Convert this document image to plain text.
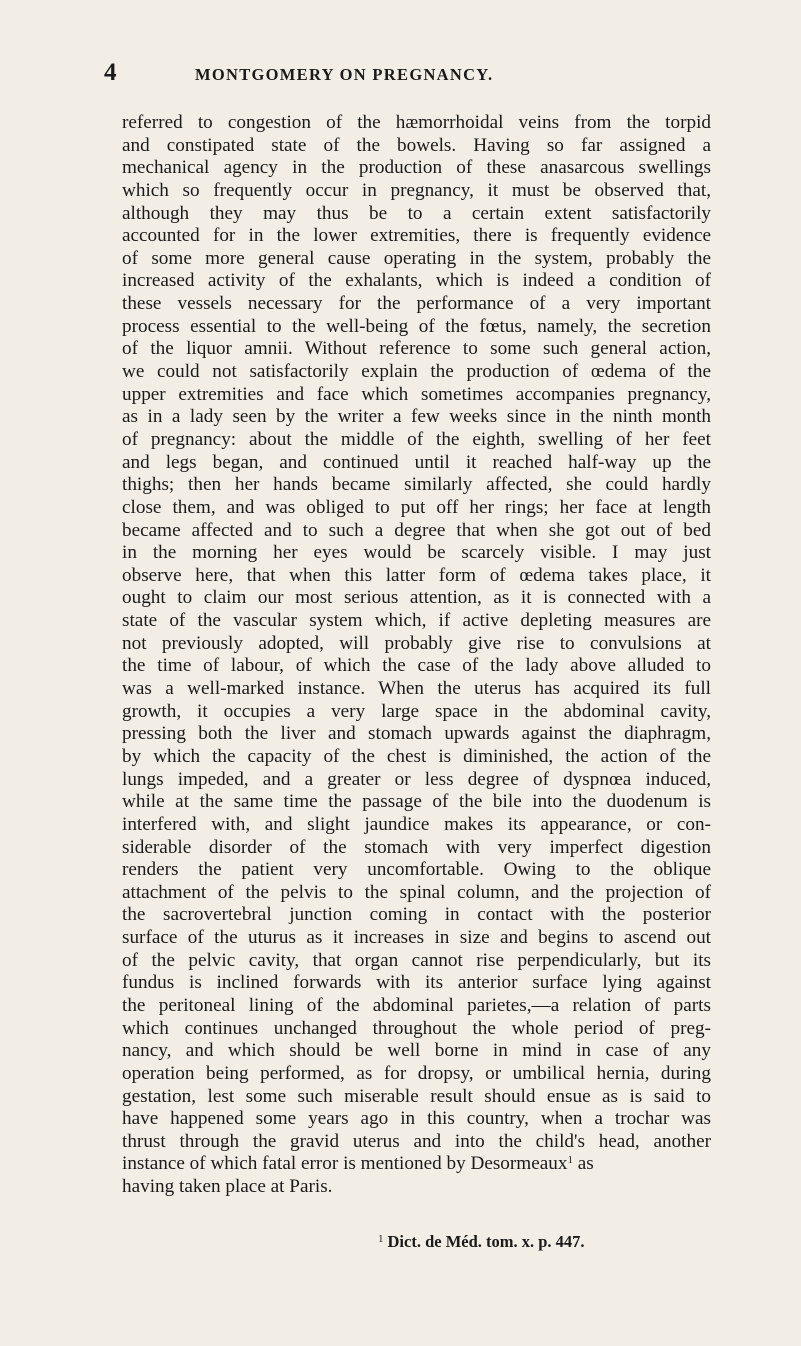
4	MONTGOMERY ON PREGNANCY.
referred to congestion of the hæmorrhoidal veins from the torpid
and constipated state of the bowels. Having so far assigned a
mechanical agency in the production of these anasarcous swellings
which so frequently occur in pregnancy, it must be observed that,
although they may thus be to a certain extent satisfactorily
accounted for in the lower extremities, there is frequently evidence
of some more general cause operating in the system, probably the
increased activity of the exhalants, which is indeed a condition of
these vessels necessary for the performance of a very important
process essential to the well-being of the fœtus, namely, the secretion
of the liquor amnii. Without reference to some such general action,
we could not satisfactorily explain the production of œdema of the
upper extremities and face which sometimes accompanies pregnancy,
as in a lady seen by the writer a few weeks since in the ninth month
of pregnancy: about the middle of the eighth, swelling of her feet
and legs began, and continued until it reached half-way up the
thighs; then her hands became similarly affected, she could hardly
close them, and was obliged to put off her rings; her face at length
became affected and to such a degree that when she got out of bed
in the morning her eyes would be scarcely visible. I may just
observe here, that when this latter form of œdema takes place, it
ought to claim our most serious attention, as it is connected with a
state of the vascular system which, if active depleting measures are
not previously adopted, will probably give rise to convulsions at
the time of labour, of which the case of the lady above alluded to
was a well-marked instance. When the uterus has acquired its full
growth, it occupies a very large space in the abdominal cavity,
pressing both the liver and stomach upwards against the diaphragm,
by which the capacity of the chest is diminished, the action of the
lungs impeded, and a greater or less degree of dyspnœa induced,
while at the same time the passage of the bile into the duodenum is
interfered with, and slight jaundice makes its appearance, or con-
siderable disorder of the stomach with very imperfect digestion
renders the patient very uncomfortable. Owing to the oblique
attachment of the pelvis to the spinal column, and the projection of
the sacrovertebral junction coming in contact with the posterior
surface of the uturus as it increases in size and begins to ascend out
of the pelvic cavity, that organ cannot rise perpendicularly, but its
fundus is inclined forwards with its anterior surface lying against
the peritoneal lining of the abdominal parietes,—a relation of parts
which continues unchanged throughout the whole period of preg-
nancy, and which should be well borne in mind in case of any
operation being performed, as for dropsy, or umbilical hernia, during
gestation, lest some such miserable result should ensue as is said to
have happened some years ago in this country, when a trochar was
thrust through the gravid uterus and into the child's head, another
instance of which fatal error is mentioned by Desormeaux$^1$ as
having taken place at Paris.
$^1$ Dict. de Méd. tom. x. p. 447.
